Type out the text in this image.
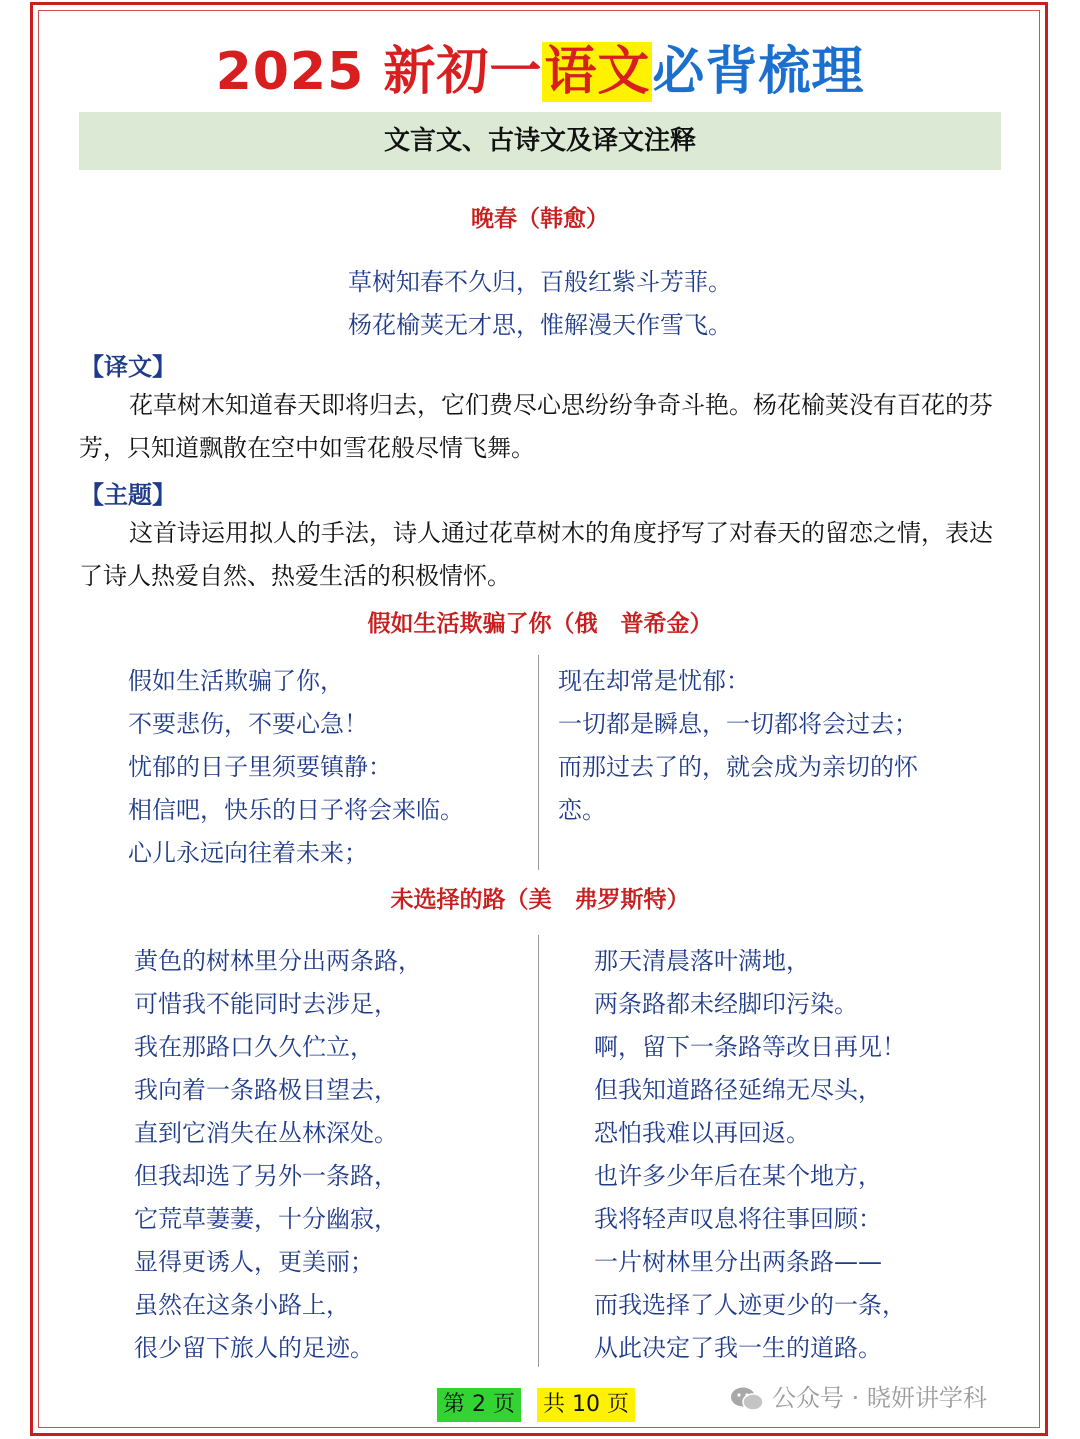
2025 新初一语文必背梳理
文言文、古诗文及译文注释
晚春（韩愈）
草树知春不久归，百般红紫斗芳菲。
杨花榆荚无才思，惟解漫天作雪飞。
【译文】

花草树木知道春天即将归去，它们费尽心思纷纷争奇斗艳。杨花榆荚没有百花的芬芳，只知道飘散在空中如雪花般尽情飞舞。

【主题】

这首诗运用拟人的手法，诗人通过花草树木的角度抒写了对春天的留恋之情，表达了诗人热爱自然、热爱生活的积极情怀。

假如生活欺骗了你（俄　普希金）
假如生活欺骗了你，
不要悲伤，不要心急！
忧郁的日子里须要镇静：
相信吧，快乐的日子将会来临。
心儿永远向往着未来；
现在却常是忧郁：
一切都是瞬息，一切都将会过去；
而那过去了的，就会成为亲切的怀
恋。
未选择的路（美　弗罗斯特）
黄色的树林里分出两条路，
可惜我不能同时去涉足，
我在那路口久久伫立，
我向着一条路极目望去，
直到它消失在丛林深处。
但我却选了另外一条路，
它荒草萋萋，十分幽寂，
显得更诱人，更美丽；
虽然在这条小路上，
很少留下旅人的足迹。
那天清晨落叶满地，
两条路都未经脚印污染。
啊，留下一条路等改日再见！
但我知道路径延绵无尽头，
恐怕我难以再回返。
也许多少年后在某个地方，
我将轻声叹息将往事回顾：
一片树林里分出两条路——
而我选择了人迹更少的一条，
从此决定了我一生的道路。
第 2 页 共 10 页	公众号 · 晓妍讲学科
